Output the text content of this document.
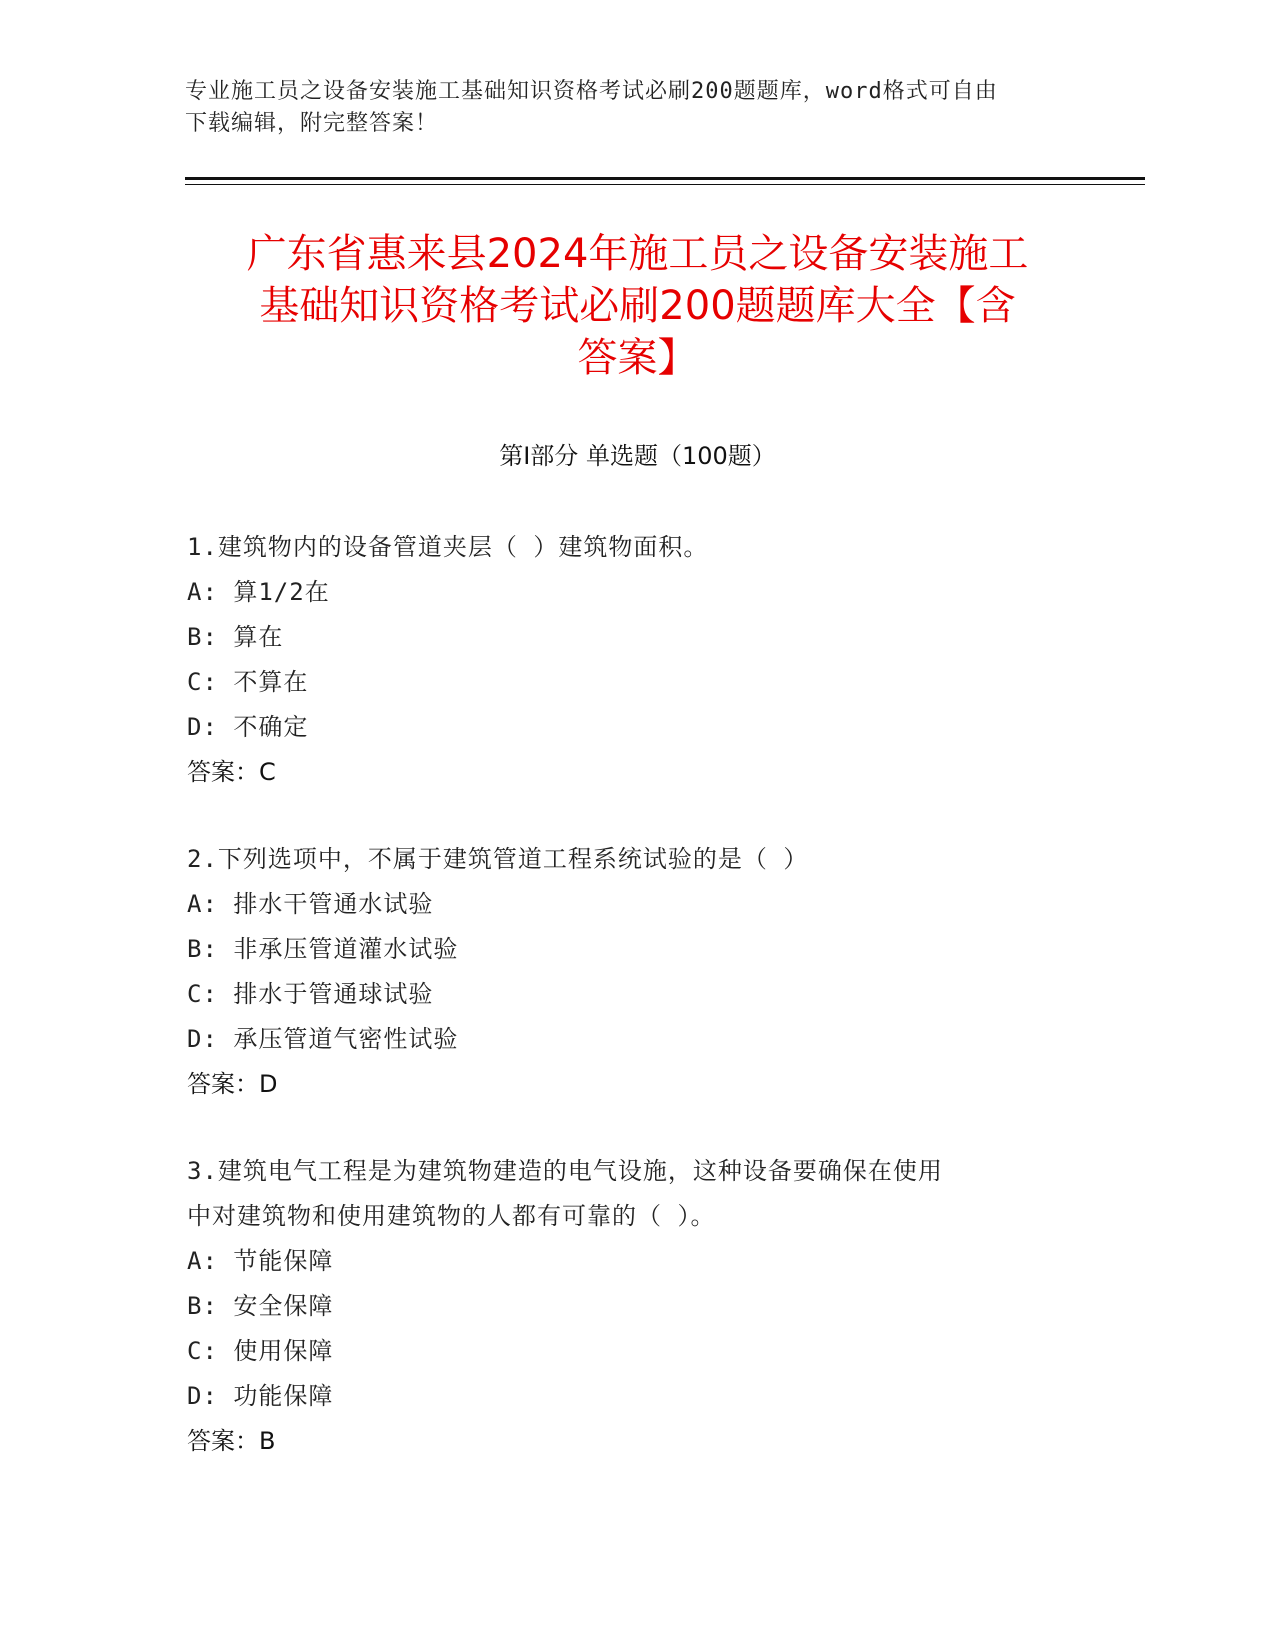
专业施工员之设备安装施工基础知识资格考试必刷200题题库，word格式可自由
下载编辑，附完整答案！
广东省惠来县2024年施工员之设备安装施工
基础知识资格考试必刷200题题库大全【含
答案】
第Ⅰ部分 单选题（100题）
1.建筑物内的设备管道夹层（ ）建筑物面积。
A: 算1/2在
B: 算在
C: 不算在
D: 不确定
答案：C
2.下列选项中，不属于建筑管道工程系统试验的是（ ）
A: 排水干管通水试验
B: 非承压管道灌水试验
C: 排水于管通球试验
D: 承压管道气密性试验
答案：D
3.建筑电气工程是为建筑物建造的电气设施，这种设备要确保在使用
中对建筑物和使用建筑物的人都有可靠的（ ）。
A: 节能保障
B: 安全保障
C: 使用保障
D: 功能保障
答案：B
